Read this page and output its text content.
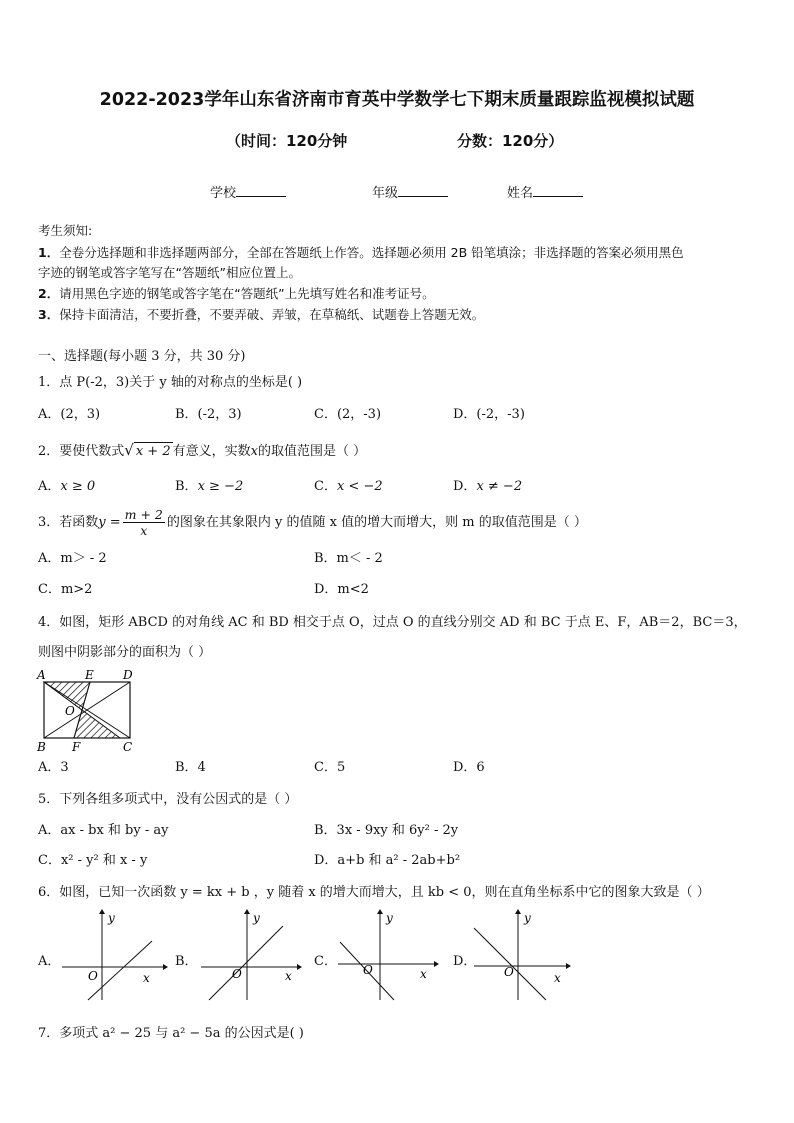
2022-2023学年山东省济南市育英中学数学七下期末质量跟踪监视模拟试题
（时间：120分钟	分数：120分）
学校	年级	姓名
考生须知:
1．全卷分选择题和非选择题两部分，全部在答题纸上作答。选择题必须用 2B 铅笔填涂；非选择题的答案必须用黑色
字迹的钢笔或答字笔写在“答题纸”相应位置上。
2．请用黑色字迹的钢笔或答字笔在“答题纸”上先填写姓名和准考证号。
3．保持卡面清洁，不要折叠，不要弄破、弄皱，在草稿纸、试题卷上答题无效。
一、选择题(每小题 3 分，共 30 分)
1．点 P(-2，3)关于 y 轴的对称点的坐标是( )
A．(2，3)	B．(-2，3)	C．(2，-3)	D．(-2，-3)
2．要使代数式√ x + 2 有意义，实数x的取值范围是（ ）
A．x ≥ 0	B．x ≥ −2	C．x < −2	D．x ≠ −2
3．若函数$y = \frac{m + 2}{x}$ 的图象在其象限内 y 的值随 x 值的增大而增大，则 m 的取值范围是（ ）
A．m＞ - 2	B．m＜ - 2
C．m>2	D．m<2
4．如图，矩形 ABCD 的对角线 AC 和 BD 相交于点 O，过点 O 的直线分别交 AD 和 BC 于点 E、F，AB＝2，BC＝3，
则图中阴影部分的面积为（ ）
A	E D
O
B F	C
A．3	B．4	C．5	D．6
5．下列各组多项式中，没有公因式的是（ ）
A．ax - bx 和 by - ay	B．3x - 9xy 和 6y² - 2y
C．x² - y² 和 x - y	D．a+b 和 a² - 2ab+b²
6．如图，已知一次函数 y = kx + b ，y 随着 x 的增大而增大，且 kb < 0，则在直角坐标系中它的图象大致是（ ）
A．
y
x
O
B．
y
x
O
C．
y
x
O
D．
y
x
O
7．多项式 a² − 25 与 a² − 5a 的公因式是( )
